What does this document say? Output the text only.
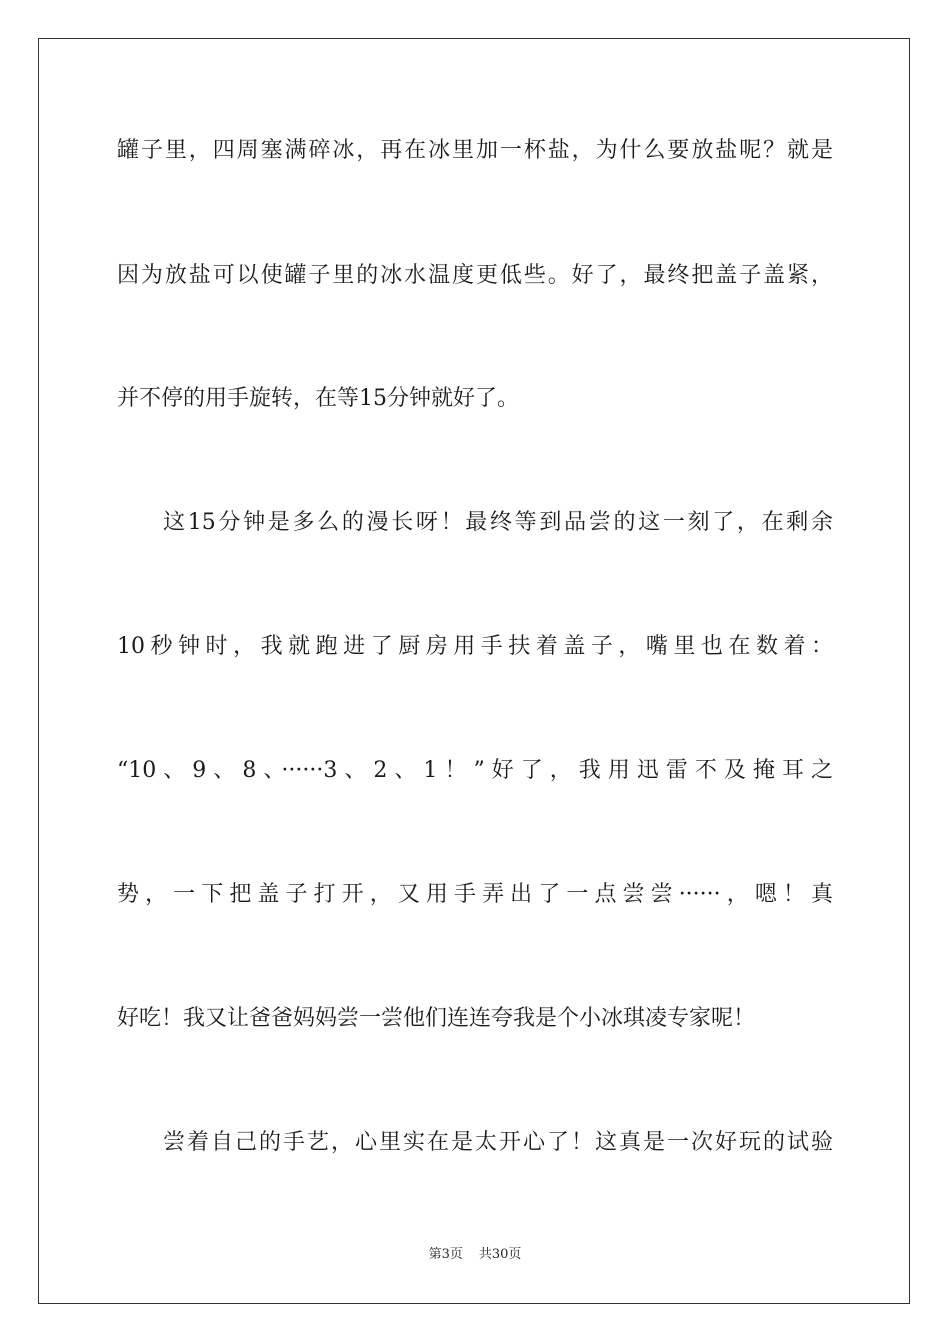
罐子里，四周塞满碎冰，再在冰里加一杯盐，为什么要放盐呢？就是
因为放盐可以使罐子里的冰水温度更低些。好了，最终把盖子盖紧，
并不停的用手旋转，在等15分钟就好了。
这15分钟是多么的漫长呀！最终等到品尝的这一刻了，在剩余
10秒钟时，我就跑进了厨房用手扶着盖子，嘴里也在数着：
“10、9、8、······3、2、1！”好了，我用迅雷不及掩耳之
势，一下把盖子打开，又用手弄出了一点尝尝······，嗯！真
好吃！我又让爸爸妈妈尝一尝他们连连夸我是个小冰琪凌专家呢！
尝着自己的手艺，心里实在是太开心了！这真是一次好玩的试验
第3页 共30页
